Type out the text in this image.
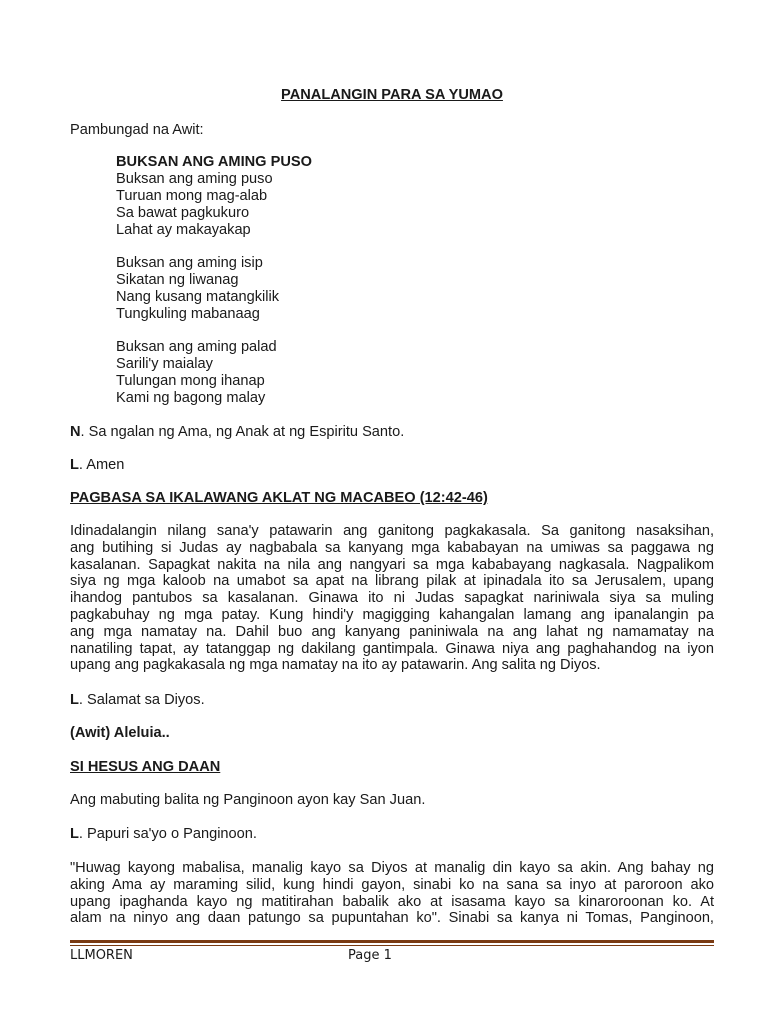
PANALANGIN PARA SA YUMAO
Pambungad na Awit:
BUKSAN ANG AMING PUSO
Buksan ang aming puso
Turuan mong mag-alab
Sa bawat pagkukuro
Lahat ay makayakap
Buksan ang aming isip
Sikatan ng liwanag
Nang kusang matangkilik
Tungkuling mabanaag
Buksan ang aming palad
Sarili'y maialay
Tulungan mong ihanap
Kami ng bagong malay
N. Sa ngalan ng Ama, ng Anak at ng Espiritu Santo.
L. Amen
PAGBASA SA IKALAWANG AKLAT NG MACABEO (12:42-46)
Idinadalangin nilang sana'y patawarin ang ganitong pagkakasala. Sa ganitong nasaksihan,
ang butihing si Judas ay nagbabala sa kanyang mga kababayan na umiwas sa paggawa ng
kasalanan. Sapagkat nakita na nila ang nangyari sa mga kababayang nagkasala. Nagpalikom
siya ng mga kaloob na umabot sa apat na librang pilak at ipinadala ito sa Jerusalem, upang
ihandog pantubos sa kasalanan. Ginawa ito ni Judas sapagkat nariniwala siya sa muling
pagkabuhay ng mga patay. Kung hindi'y magigging kahangalan lamang ang ipanalangin pa
ang mga namatay na. Dahil buo ang kanyang paniniwala na ang lahat ng namamatay na
nanatiling tapat, ay tatanggap ng dakilang gantimpala. Ginawa niya ang paghahandog na iyon
upang ang pagkakasala ng mga namatay na ito ay patawarin. Ang salita ng Diyos.
L. Salamat sa Diyos.
(Awit) Aleluia..
SI HESUS ANG DAAN
Ang mabuting balita ng Panginoon ayon kay San Juan.
L. Papuri sa'yo o Panginoon.
"Huwag kayong mabalisa, manalig kayo sa Diyos at manalig din kayo sa akin. Ang bahay ng
aking Ama ay maraming silid, kung hindi gayon, sinabi ko na sana sa inyo at paroroon ako
upang ipaghanda kayo ng matitirahan babalik ako at isasama kayo sa kinaroroonan ko. At
alam na ninyo ang daan patungo sa pupuntahan ko". Sinabi sa kanya ni Tomas, Panginoon,
LLMOREN	Page 1
